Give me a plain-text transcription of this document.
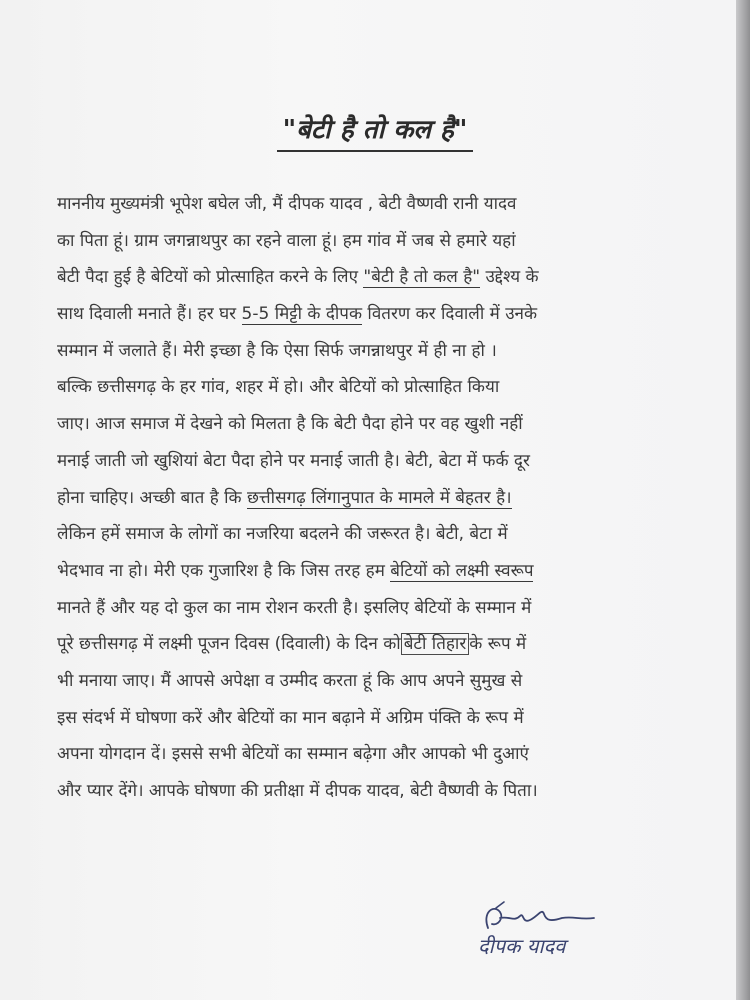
"बेटी है तो कल है"
माननीय मुख्यमंत्री भूपेश बघेल जी, मैं दीपक यादव , बेटी वैष्णवी रानी यादव
का पिता हूं। ग्राम जगन्नाथपुर का रहने वाला हूं। हम गांव में जब से हमारे यहां
बेटी पैदा हुई है बेटियों को प्रोत्साहित करने के लिए "बेटी है तो कल है" उद्देश्य के
साथ दिवाली मनाते हैं। हर घर 5-5 मिट्टी के दीपक वितरण कर दिवाली में उनके
सम्मान में जलाते हैं। मेरी इच्छा है कि ऐसा सिर्फ जगन्नाथपुर में ही ना हो ।
बल्कि छत्तीसगढ़ के हर गांव, शहर में हो। और बेटियों को प्रोत्साहित किया
जाए। आज समाज में देखने को मिलता है कि बेटी पैदा होने पर वह खुशी नहीं
मनाई जाती जो खुशियां बेटा पैदा होने पर मनाई जाती है। बेटी, बेटा में फर्क दूर
होना चाहिए। अच्छी बात है कि छत्तीसगढ़ लिंगानुपात के मामले में बेहतर है।
लेकिन हमें समाज के लोगों का नजरिया बदलने की जरूरत है। बेटी, बेटा में
भेदभाव ना हो। मेरी एक गुजारिश है कि जिस तरह हम बेटियों को लक्ष्मी स्वरूप
मानते हैं और यह दो कुल का नाम रोशन करती है। इसलिए बेटियों के सम्मान में
पूरे छत्तीसगढ़ में लक्ष्मी पूजन दिवस (दिवाली) के दिन को बेटी तिहार के रूप में
भी मनाया जाए। मैं आपसे अपेक्षा व उम्मीद करता हूं कि आप अपने सुमुख से
इस संदर्भ में घोषणा करें और बेटियों का मान बढ़ाने में अग्रिम पंक्ति के रूप में
अपना योगदान दें। इससे सभी बेटियों का सम्मान बढ़ेगा और आपको भी दुआएं
और प्यार देंगे। आपके घोषणा की प्रतीक्षा में दीपक यादव, बेटी वैष्णवी के पिता।
दीपक यादव
